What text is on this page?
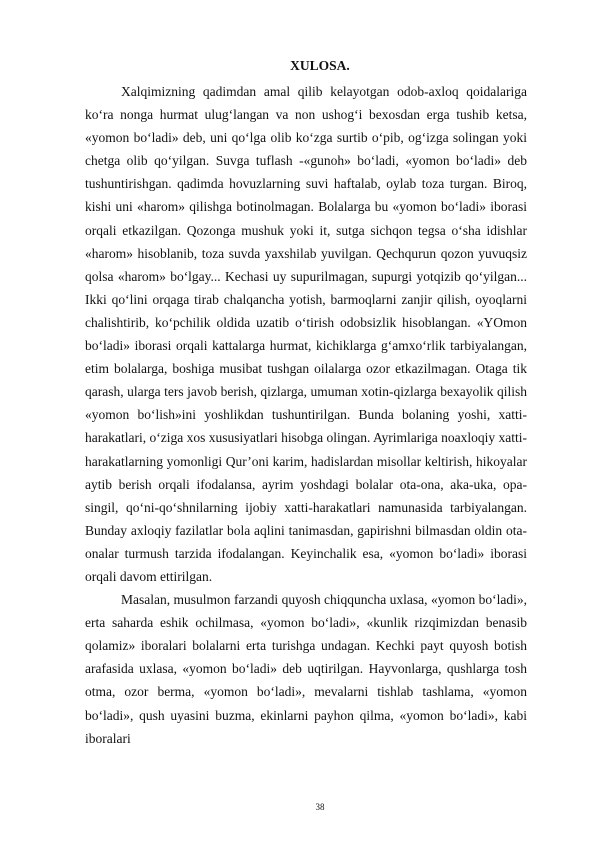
XULOSA.

Xalqimizning qadimdan amal qilib kelayotgan odob-axloq qoidalariga ko‘ra nonga hurmat ulug‘langan va non ushog‘i bexosdan erga tushib ketsa, «yomon bo‘ladi» deb, uni qo‘lga olib ko‘zga surtib o‘pib, og‘izga solingan yoki chetga olib qo‘yilgan. Suvga tuflash -«gunoh» bo‘ladi, «yomon bo‘ladi» deb tushuntirishgan. qadimda hovuzlarning suvi haftalab, oylab toza turgan. Biroq, kishi uni «harom» qilishga botinolmagan. Bolalarga bu «yomon bo‘ladi» iborasi orqali etkazilgan. Qozonga mushuk yoki it, sutga sichqon tegsa o‘sha idishlar «harom» hisoblanib, toza suvda yaxshilab yuvilgan. Qechqurun qozon yuvuqsiz qolsa «harom» bo‘lgay... Kechasi uy supurilmagan, supurgi yotqizib qo‘yilgan... Ikki qo‘lini orqaga tirab chalqancha yotish, barmoqlarni zanjir qilish, oyoqlarni chalishtirib, ko‘pchilik oldida uzatib o‘tirish odobsizlik hisoblangan. «YOmon bo‘ladi» iborasi orqali kattalarga hurmat, kichiklarga g‘amxo‘rlik tarbiyalangan, etim bolalarga, boshiga musibat tushgan oilalarga ozor etkazilmagan. Otaga tik qarash, ularga ters javob berish, qizlarga, umuman xotin-qizlarga bexayolik qilish «yomon bo‘lish»ini yoshlikdan tushuntirilgan. Bunda bolaning yoshi, xatti-harakatlari, o‘ziga xos xususiyatlari hisobga olingan. Ayrimlariga noaxloqiy xatti-harakatlarning yomonligi Qur’oni karim, hadislardan misollar keltirish, hikoyalar aytib berish orqali ifodalansa, ayrim yoshdagi bolalar ota-ona, aka-uka, opa-singil, qo‘ni-qo‘shnilarning ijobiy xatti-harakatlari namunasida tarbiyalangan. Bunday axloqiy fazilatlar bola aqlini tanimasdan, gapirishni bilmasdan oldin ota-onalar turmush tarzida ifodalangan. Keyinchalik esa, «yomon bo‘ladi» iborasi orqali davom ettirilgan.

Masalan, musulmon farzandi quyosh chiqquncha uxlasa, «yomon bo‘ladi», erta saharda eshik ochilmasa, «yomon bo‘ladi», «kunlik rizqimizdan benasib qolamiz» iboralari bolalarni erta turishga undagan. Kechki payt quyosh botish arafasida uxlasa, «yomon bo‘ladi» deb uqtirilgan. Hayvonlarga, qushlarga tosh otma, ozor berma, «yomon bo‘ladi», mevalarni tishlab tashlama, «yomon bo‘ladi», qush uyasini buzma, ekinlarni payhon qilma, «yomon bo‘ladi», kabi iboralari

38
